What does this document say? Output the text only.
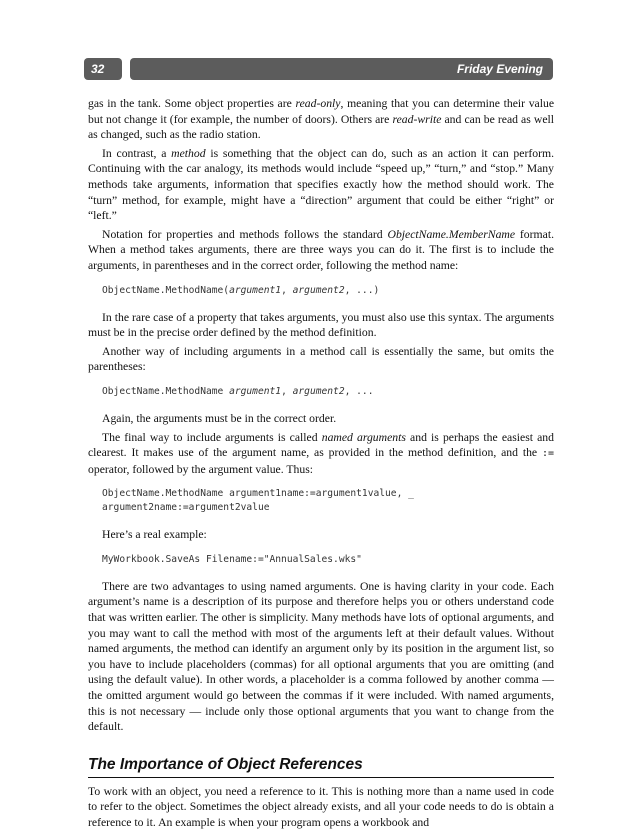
32	Friday Evening

gas in the tank. Some object properties are read-only, meaning that you can determine their value but not change it (for example, the number of doors). Others are read-write and can be read as well as changed, such as the radio station.

In contrast, a method is something that the object can do, such as an action it can perform. Continuing with the car analogy, its methods would include “speed up,” “turn,” and “stop.” Many methods take arguments, information that specifies exactly how the method should work. The “turn” method, for example, might have a “direction” argument that could be either “right” or “left.”

Notation for properties and methods follows the standard ObjectName.MemberName format. When a method takes arguments, there are three ways you can do it. The first is to include the arguments, in parentheses and in the correct order, following the method name:

ObjectName.MethodName(argument1, argument2, ...)

In the rare case of a property that takes arguments, you must also use this syntax. The arguments must be in the precise order defined by the method definition.

Another way of including arguments in a method call is essentially the same, but omits the parentheses:

ObjectName.MethodName argument1, argument2, ...

Again, the arguments must be in the correct order.

The final way to include arguments is called named arguments and is perhaps the easiest and clearest. It makes use of the argument name, as provided in the method definition, and the := operator, followed by the argument value. Thus:

ObjectName.MethodName argument1name:=argument1value, _
argument2name:=argument2value

Here’s a real example:

MyWorkbook.SaveAs Filename:="AnnualSales.wks"

There are two advantages to using named arguments. One is having clarity in your code. Each argument’s name is a description of its purpose and therefore helps you or others understand code that was written earlier. The other is simplicity. Many methods have lots of optional arguments, and you may want to call the method with most of the arguments left at their default values. Without named arguments, the method can identify an argument only by its position in the argument list, so you have to include placeholders (commas) for all optional arguments that you are omitting (and using the default value). In other words, a placeholder is a comma followed by another comma — the omitted argument would go between the commas if it were included. With named arguments, this is not necessary — include only those optional arguments that you want to change from the default.

The Importance of Object References

To work with an object, you need a reference to it. This is nothing more than a name used in code to refer to the object. Sometimes the object already exists, and all your code needs to do is obtain a reference to it. An example is when your program opens a workbook and
